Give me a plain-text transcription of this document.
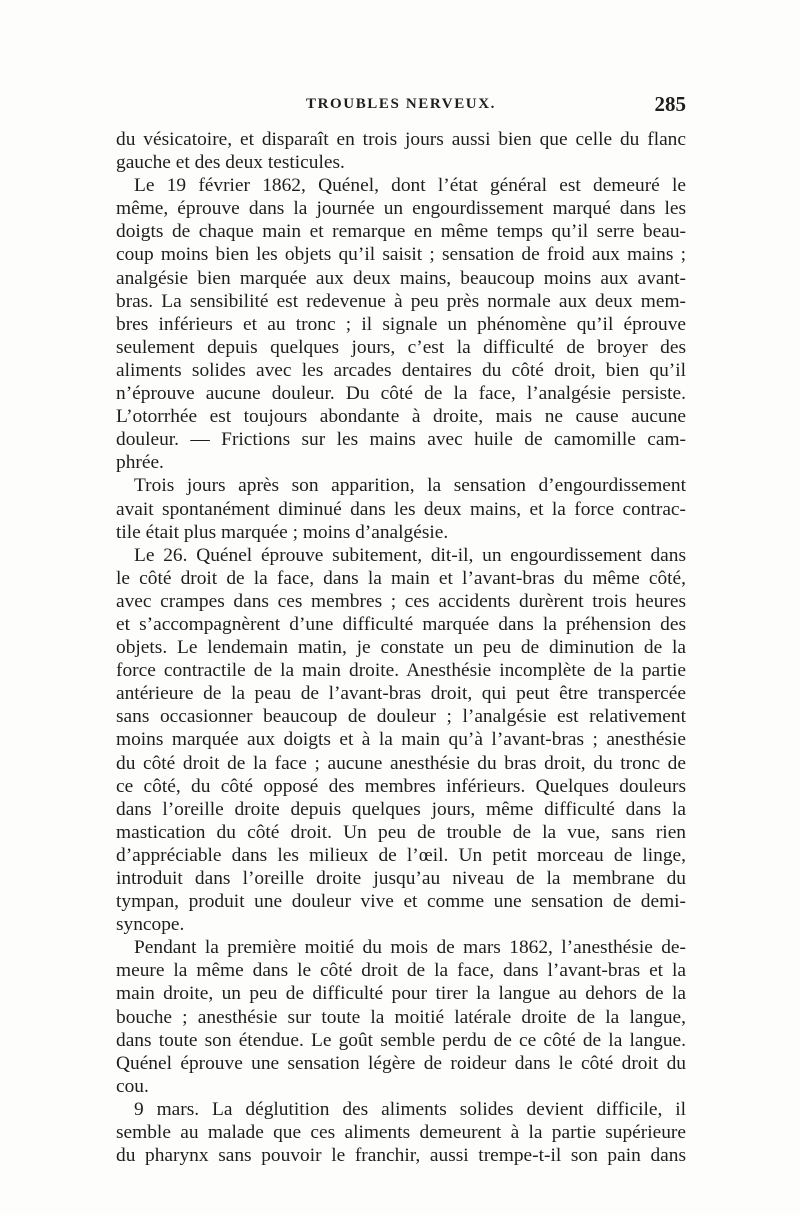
TROUBLES NERVEUX.	285
du vésicatoire, et disparaît en trois jours aussi bien que celle du flanc
gauche et des deux testicules.
Le 19 février 1862, Quénel, dont l’état général est demeuré le
même, éprouve dans la journée un engourdissement marqué dans les
doigts de chaque main et remarque en même temps qu’il serre beau-
coup moins bien les objets qu’il saisit ; sensation de froid aux mains ;
analgésie bien marquée aux deux mains, beaucoup moins aux avant-
bras. La sensibilité est redevenue à peu près normale aux deux mem-
bres inférieurs et au tronc ; il signale un phénomène qu’il éprouve
seulement depuis quelques jours, c’est la difficulté de broyer des
aliments solides avec les arcades dentaires du côté droit, bien qu’il
n’éprouve aucune douleur. Du côté de la face, l’analgésie persiste.
L’otorrhée est toujours abondante à droite, mais ne cause aucune
douleur. — Frictions sur les mains avec huile de camomille cam-
phrée.
Trois jours après son apparition, la sensation d’engourdissement
avait spontanément diminué dans les deux mains, et la force contrac-
tile était plus marquée ; moins d’analgésie.
Le 26. Quénel éprouve subitement, dit-il, un engourdissement dans
le côté droit de la face, dans la main et l’avant-bras du même côté,
avec crampes dans ces membres ; ces accidents durèrent trois heures
et s’accompagnèrent d’une difficulté marquée dans la préhension des
objets. Le lendemain matin, je constate un peu de diminution de la
force contractile de la main droite. Anesthésie incomplète de la partie
antérieure de la peau de l’avant-bras droit, qui peut être transpercée
sans occasionner beaucoup de douleur ; l’analgésie est relativement
moins marquée aux doigts et à la main qu’à l’avant-bras ; anesthésie
du côté droit de la face ; aucune anesthésie du bras droit, du tronc de
ce côté, du côté opposé des membres inférieurs. Quelques douleurs
dans l’oreille droite depuis quelques jours, même difficulté dans la
mastication du côté droit. Un peu de trouble de la vue, sans rien
d’appréciable dans les milieux de l’œil. Un petit morceau de linge,
introduit dans l’oreille droite jusqu’au niveau de la membrane du
tympan, produit une douleur vive et comme une sensation de demi-
syncope.
Pendant la première moitié du mois de mars 1862, l’anesthésie de-
meure la même dans le côté droit de la face, dans l’avant-bras et la
main droite, un peu de difficulté pour tirer la langue au dehors de la
bouche ; anesthésie sur toute la moitié latérale droite de la langue,
dans toute son étendue. Le goût semble perdu de ce côté de la langue.
Quénel éprouve une sensation légère de roideur dans le côté droit du
cou.
9 mars. La déglutition des aliments solides devient difficile, il
semble au malade que ces aliments demeurent à la partie supérieure
du pharynx sans pouvoir le franchir, aussi trempe-t-il son pain dans
